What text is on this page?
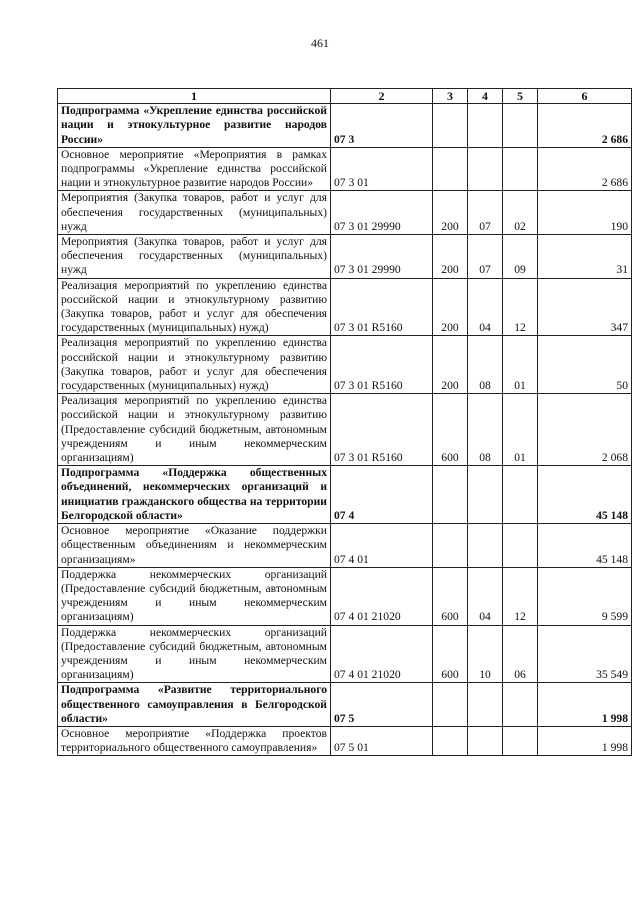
461
1	2	3	4	5	6
Подпрограмма «Укрепление единства российской нации и этнокультурное развитие народов России»	07 3				2 686
Основное мероприятие «Мероприятия в рамках подпрограммы «Укрепление единства российской нации и этнокультурное развитие народов России»	07 3 01				2 686
Мероприятия (Закупка товаров, работ и услуг для обеспечения государственных (муниципальных) нужд	07 3 01 29990	200	07	02	190
Мероприятия (Закупка товаров, работ и услуг для обеспечения государственных (муниципальных) нужд	07 3 01 29990	200	07	09	31
Реализация мероприятий по укреплению единства российской нации и этнокультурному развитию (Закупка товаров, работ и услуг для обеспечения государственных (муниципальных) нужд)	07 3 01 R5160	200	04	12	347
Реализация мероприятий по укреплению единства российской нации и этнокультурному развитию (Закупка товаров, работ и услуг для обеспечения государственных (муниципальных) нужд)	07 3 01 R5160	200	08	01	50
Реализация мероприятий по укреплению единства российской нации и этнокультурному развитию (Предоставление субсидий бюджетным, автономным учреждениям и иным некоммерческим организациям)	07 3 01 R5160	600	08	01	2 068
Подпрограмма «Поддержка общественных объединений, некоммерческих организаций и инициатив гражданского общества на территории Белгородской области»	07 4				45 148
Основное мероприятие «Оказание поддержки общественным объединениям и некоммерческим организациям»	07 4 01				45 148
Поддержка некоммерческих организаций (Предоставление субсидий бюджетным, автономным учреждениям и иным некоммерческим организациям)	07 4 01 21020	600	04	12	9 599
Поддержка некоммерческих организаций (Предоставление субсидий бюджетным, автономным учреждениям и иным некоммерческим организациям)	07 4 01 21020	600	10	06	35 549
Подпрограмма «Развитие территориального общественного самоуправления в Белгородской области»	07 5				1 998
Основное мероприятие «Поддержка проектов территориального общественного самоуправления»	07 5 01				1 998
